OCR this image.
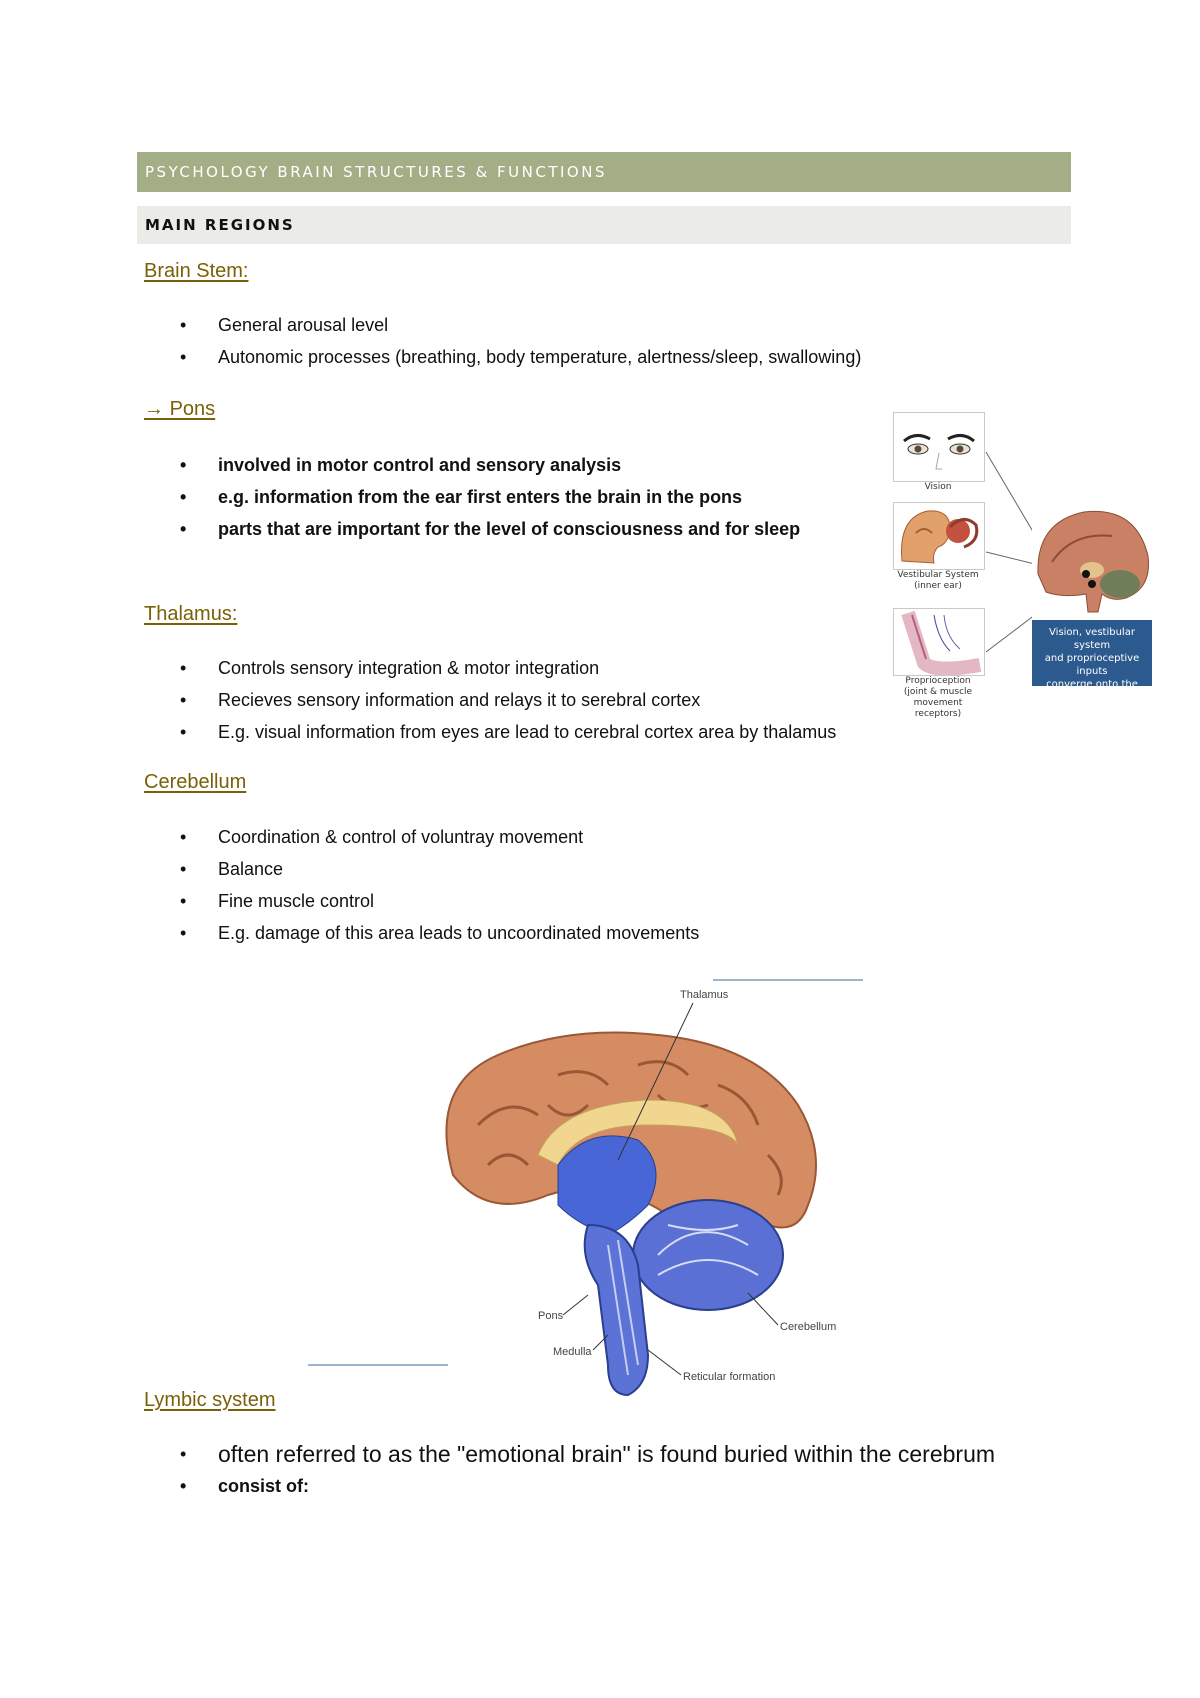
PSYCHOLOGY BRAIN STRUCTURES & FUNCTIONS
MAIN REGIONS
Brain Stem:
• General arousal level
• Autonomic processes (breathing, body temperature, alertness/sleep, swallowing)
→ Pons
• involved in motor control and sensory analysis
• e.g. information from the ear first enters the brain in the pons
• parts that are important for the level of consciousness and for sleep
Thalamus:
• Controls sensory integration & motor integration
• Recieves sensory information and relays it to serebral cortex
• E.g. visual information from eyes are lead to cerebral cortex area by thalamus
Cerebellum
• Coordination & control of voluntray movement
• Balance
• Fine muscle control
• E.g. damage of this area leads to uncoordinated movements
Lymbic system
• often referred to as the "emotional brain" is found buried within the cerebrum
• consist of:
Vision
Vestibular System
(inner ear)
Proprioception
(joint & muscle
movement receptors)
Vision, vestibular system
and proprioceptive inputs
converge onto the
brainstem
Thalamus
Pons
Medulla
Cerebellum
Reticular formation
